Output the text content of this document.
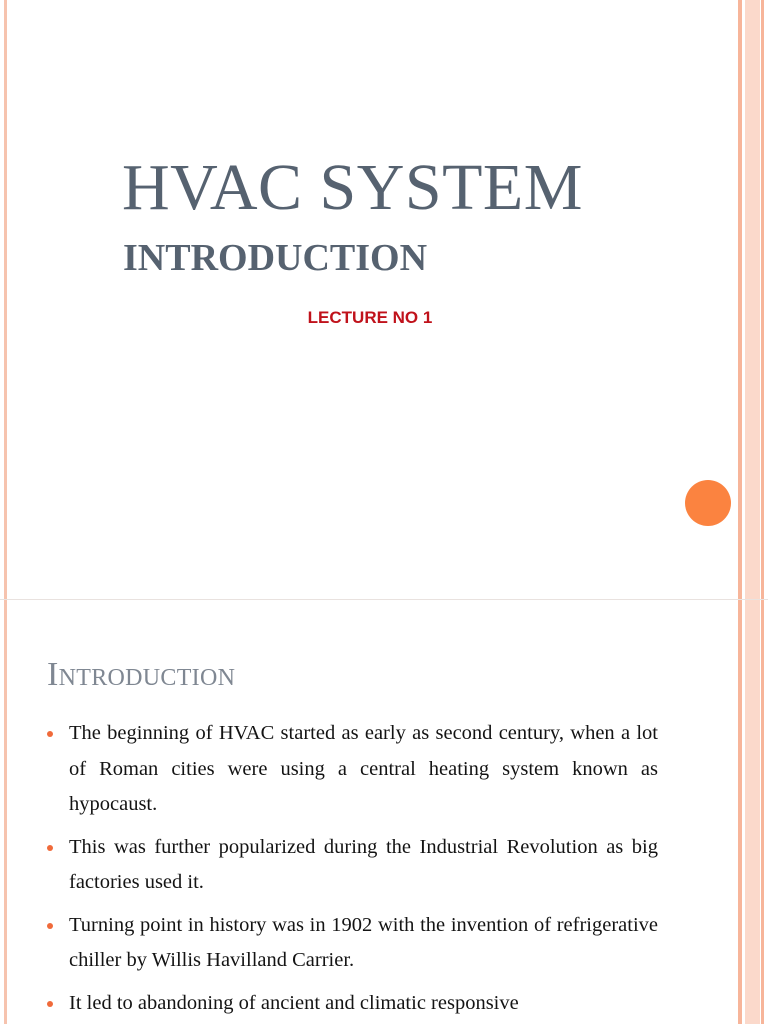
HVAC SYSTEM
INTRODUCTION

LECTURE NO 1

Introduction
The beginning of HVAC started as early as second century, when a lot of Roman cities were using a central heating system known as hypocaust.
This was further popularized during the Industrial Revolution as big factories used it.
Turning point in history was in 1902 with the invention of refrigerative chiller by Willis Havilland Carrier.
It led to abandoning of ancient and climatic responsive
